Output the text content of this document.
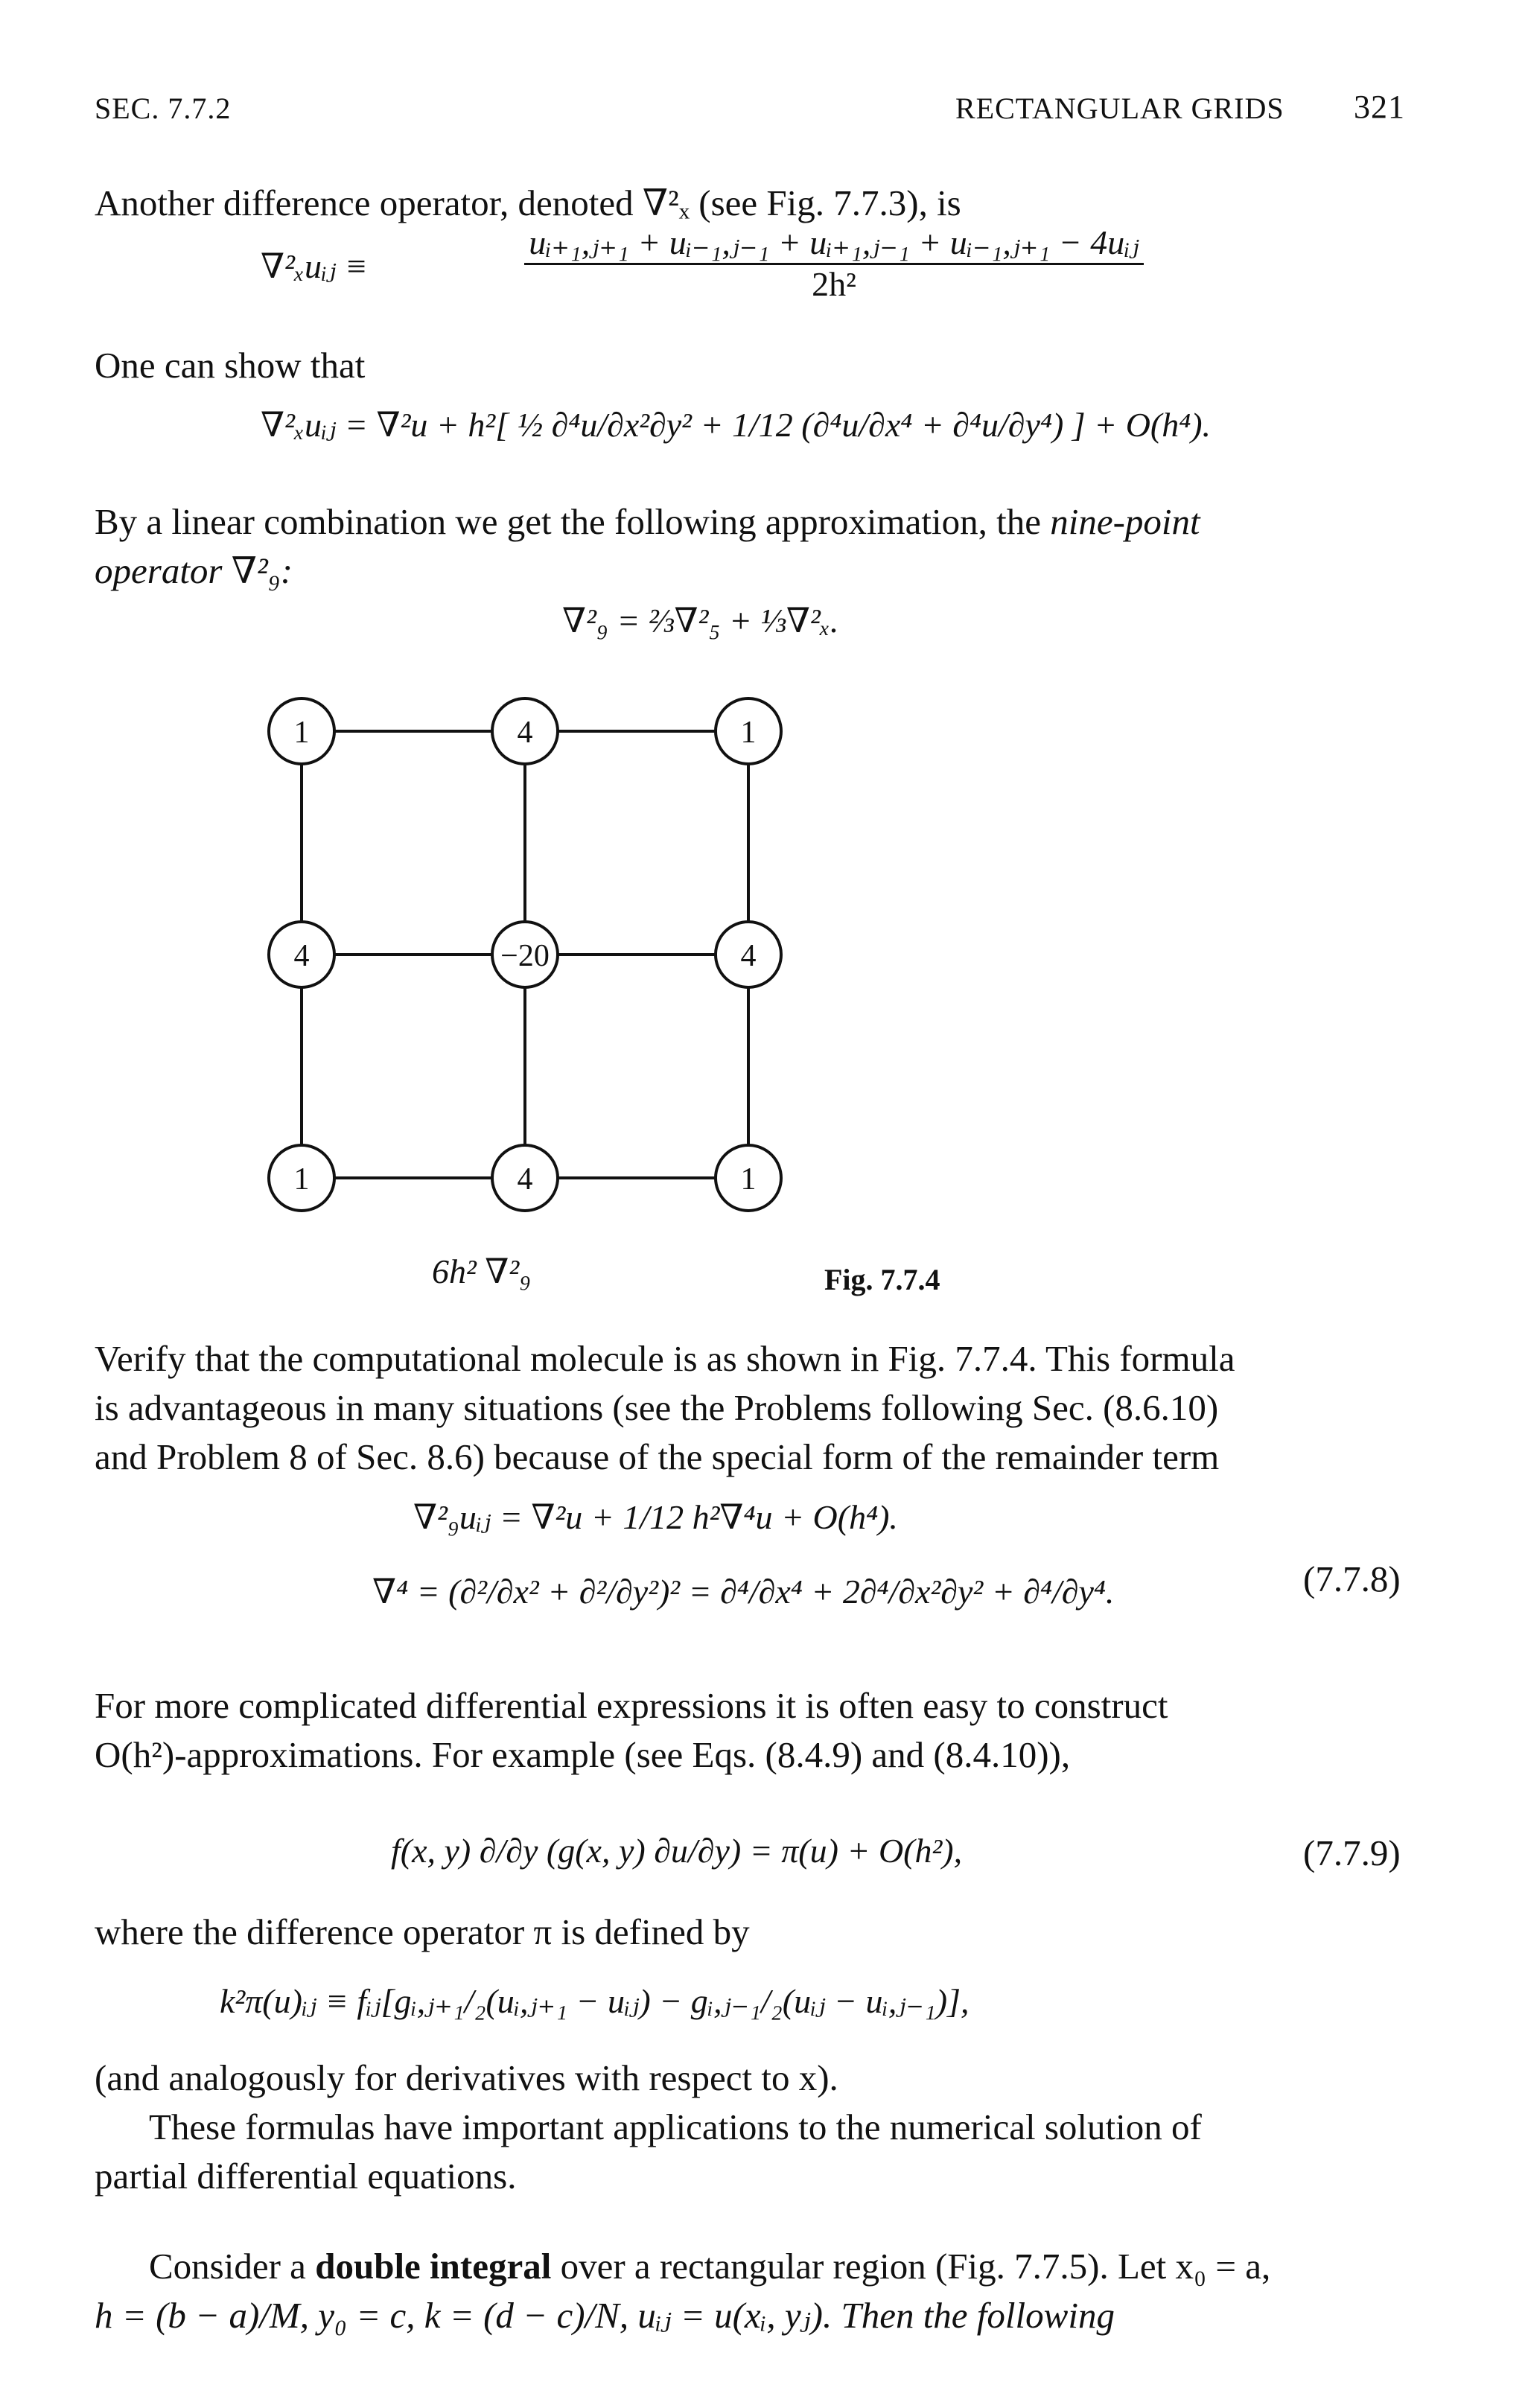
SEC. 7.7.2	RECTANGULAR GRIDS 321
Another difference operator, denoted ∇²ₓ (see Fig. 7.7.3), is
∇²ₓuᵢⱼ ≡	$\frac{\text{uᵢ₊₁,ⱼ₊₁ + uᵢ₋₁,ⱼ₋₁ + uᵢ₊₁,ⱼ₋₁ + uᵢ₋₁,ⱼ₊₁ − 4uᵢⱼ}}{\text{2h²}}$
One can show that
∇²ₓuᵢⱼ = ∇²u + h²[ ½ ∂⁴u/∂x²∂y² + 1/12 (∂⁴u/∂x⁴ + ∂⁴u/∂y⁴) ] + O(h⁴).
By a linear combination we get the following approximation, the nine-point
operator ∇²₉:
∇²₉ = ⅔∇²₅ + ⅓∇²ₓ.
1	4	1
4	−20	4
1	4	1
6h² ∇²₉	Fig. 7.7.4
Verify that the computational molecule is as shown in Fig. 7.7.4. This formula
is advantageous in many situations (see the Problems following Sec. (8.6.10)
and Problem 8 of Sec. 8.6) because of the special form of the remainder term
∇²₉uᵢⱼ = ∇²u + 1/12 h²∇⁴u + O(h⁴).
∇⁴ = (∂²/∂x² + ∂²/∂y²)² = ∂⁴/∂x⁴ + 2∂⁴/∂x²∂y² + ∂⁴/∂y⁴.	(7.7.8)
For more complicated differential expressions it is often easy to construct
O(h²)-approximations. For example (see Eqs. (8.4.9) and (8.4.10)),
f(x, y) ∂/∂y (g(x, y) ∂u/∂y) = π(u) + O(h²),	(7.7.9)
where the difference operator π is defined by
k²π(u)ᵢⱼ ≡ fᵢⱼ[gᵢ,ⱼ₊₁/₂(uᵢ,ⱼ₊₁ − uᵢⱼ) − gᵢ,ⱼ₋₁/₂(uᵢⱼ − uᵢ,ⱼ₋₁)],
(and analogously for derivatives with respect to x).
These formulas have important applications to the numerical solution of
partial differential equations.
Consider a double integral over a rectangular region (Fig. 7.7.5). Let x₀ = a,
h = (b − a)/M, y₀ = c, k = (d − c)/N, uᵢⱼ = u(xᵢ, yⱼ). Then the following
